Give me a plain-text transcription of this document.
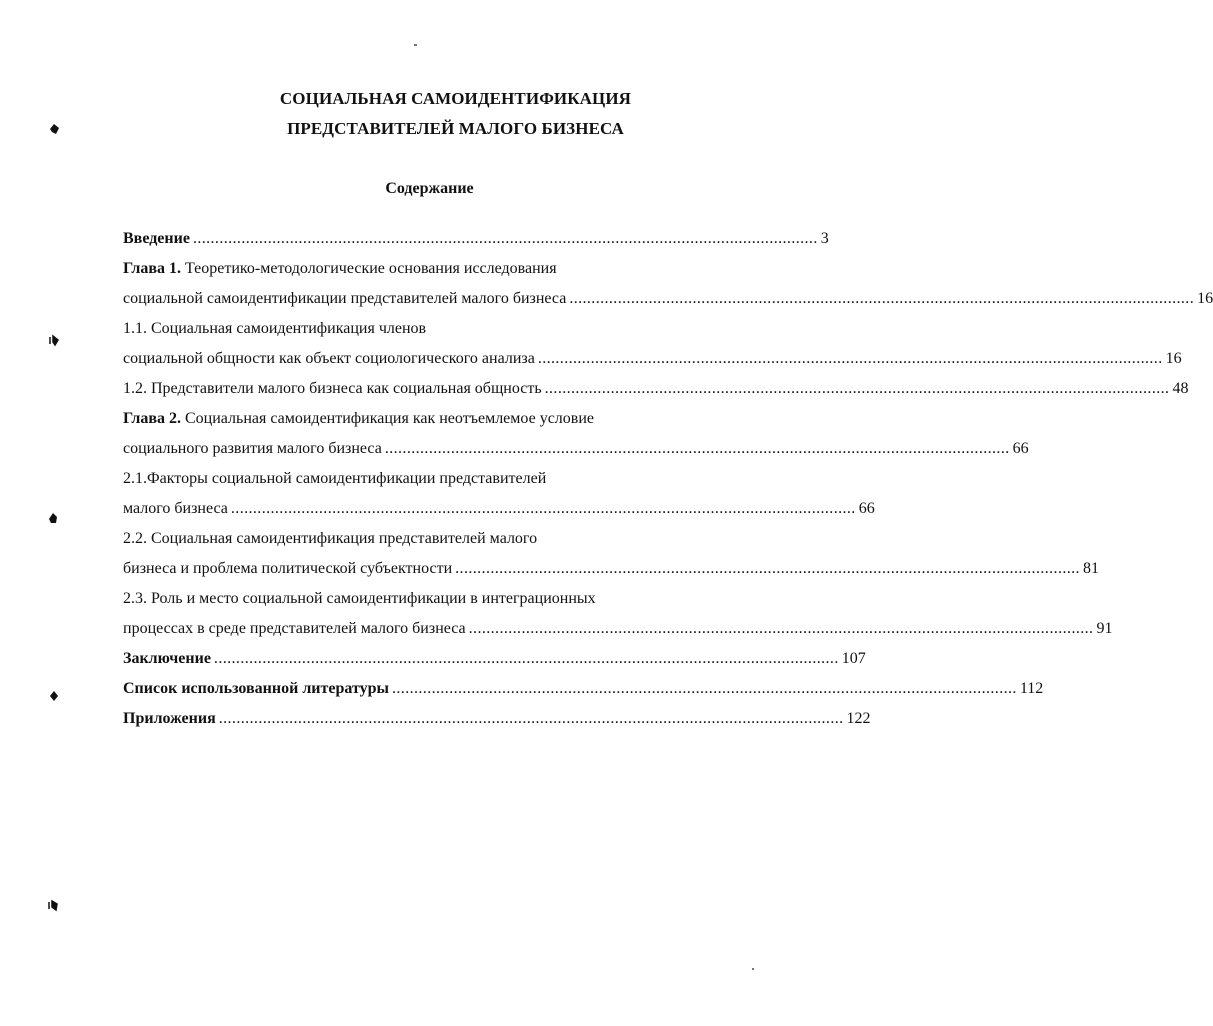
СОЦИАЛЬНАЯ САМОИДЕНТИФИКАЦИЯ
ПРЕДСТАВИТЕЛЕЙ МАЛОГО БИЗНЕСА
Содержание
Введение .............................................................................................................................................. 3
Глава 1. Теоретико-методологические основания исследования
социальной самоидентификации представителей малого бизнеса .............................................................................................................................................. 16
1.1. Социальная самоидентификация членов
социальной общности как объект социологического анализа .............................................................................................................................................. 16
1.2. Представители малого бизнеса как социальная общность .............................................................................................................................................. 48
Глава 2. Социальная самоидентификация как неотъемлемое условие
социального развития малого бизнеса .............................................................................................................................................. 66
2.1.Факторы социальной самоидентификации представителей
малого бизнеса .............................................................................................................................................. 66
2.2. Социальная самоидентификация представителей малого
бизнеса и проблема политической субъектности .............................................................................................................................................. 81
2.3. Роль и место социальной самоидентификации в интеграционных
процессах в среде представителей малого бизнеса .............................................................................................................................................. 91
Заключение .............................................................................................................................................. 107
Список использованной литературы .............................................................................................................................................. 112
Приложения .............................................................................................................................................. 122
